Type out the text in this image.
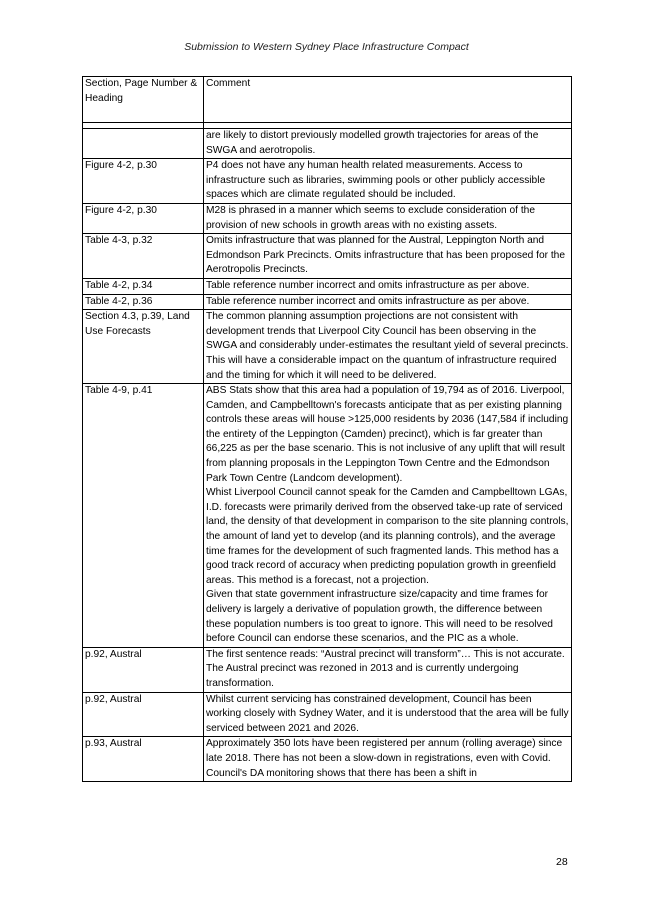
Submission to Western Sydney Place Infrastructure Compact
Section, Page Number & Heading	Comment

	are likely to distort previously modelled growth trajectories for areas of the SWGA and aerotropolis.

Figure 4-2, p.30	P4 does not have any human health related measurements. Access to infrastructure such as libraries, swimming pools or other publicly accessible spaces which are climate regulated should be included.

Figure 4-2, p.30	M28 is phrased in a manner which seems to exclude consideration of the provision of new schools in growth areas with no existing assets.

Table 4-3, p.32	Omits infrastructure that was planned for the Austral, Leppington North and Edmondson Park Precincts. Omits infrastructure that has been proposed for the Aerotropolis Precincts.

Table 4-2, p.34	Table reference number incorrect and omits infrastructure as per above.

Table 4-2, p.36	Table reference number incorrect and omits infrastructure as per above.

Section 4.3, p.39, Land Use Forecasts	The common planning assumption projections are not consistent with development trends that Liverpool City Council has been observing in the SWGA and considerably under-estimates the resultant yield of several precincts. This will have a considerable impact on the quantum of infrastructure required and the timing for which it will need to be delivered.

Table 4-9, p.41	ABS Stats show that this area had a population of 19,794 as of 2016. Liverpool, Camden, and Campbelltown's forecasts anticipate that as per existing planning controls these areas will house >125,000 residents by 2036 (147,584 if including the entirety of the Leppington (Camden) precinct), which is far greater than 66,225 as per the base scenario. This is not inclusive of any uplift that will result from planning proposals in the Leppington Town Centre and the Edmondson Park Town Centre (Landcom development).
Whist Liverpool Council cannot speak for the Camden and Campbelltown LGAs, I.D. forecasts were primarily derived from the observed take-up rate of serviced land, the density of that development in comparison to the site planning controls, the amount of land yet to develop (and its planning controls), and the average time frames for the development of such fragmented lands. This method has a good track record of accuracy when predicting population growth in greenfield areas. This method is a forecast, not a projection.
Given that state government infrastructure size/capacity and time frames for delivery is largely a derivative of population growth, the difference between these population numbers is too great to ignore. This will need to be resolved before Council can endorse these scenarios, and the PIC as a whole.

p.92, Austral	The first sentence reads: “Austral precinct will transform”… This is not accurate. The Austral precinct was rezoned in 2013 and is currently undergoing transformation.

p.92, Austral	Whilst current servicing has constrained development, Council has been working closely with Sydney Water, and it is understood that the area will be fully serviced between 2021 and 2026.

p.93, Austral	Approximately 350 lots have been registered per annum (rolling average) since late 2018. There has not been a slow-down in registrations, even with Covid. Council's DA monitoring shows that there has been a shift in
28
